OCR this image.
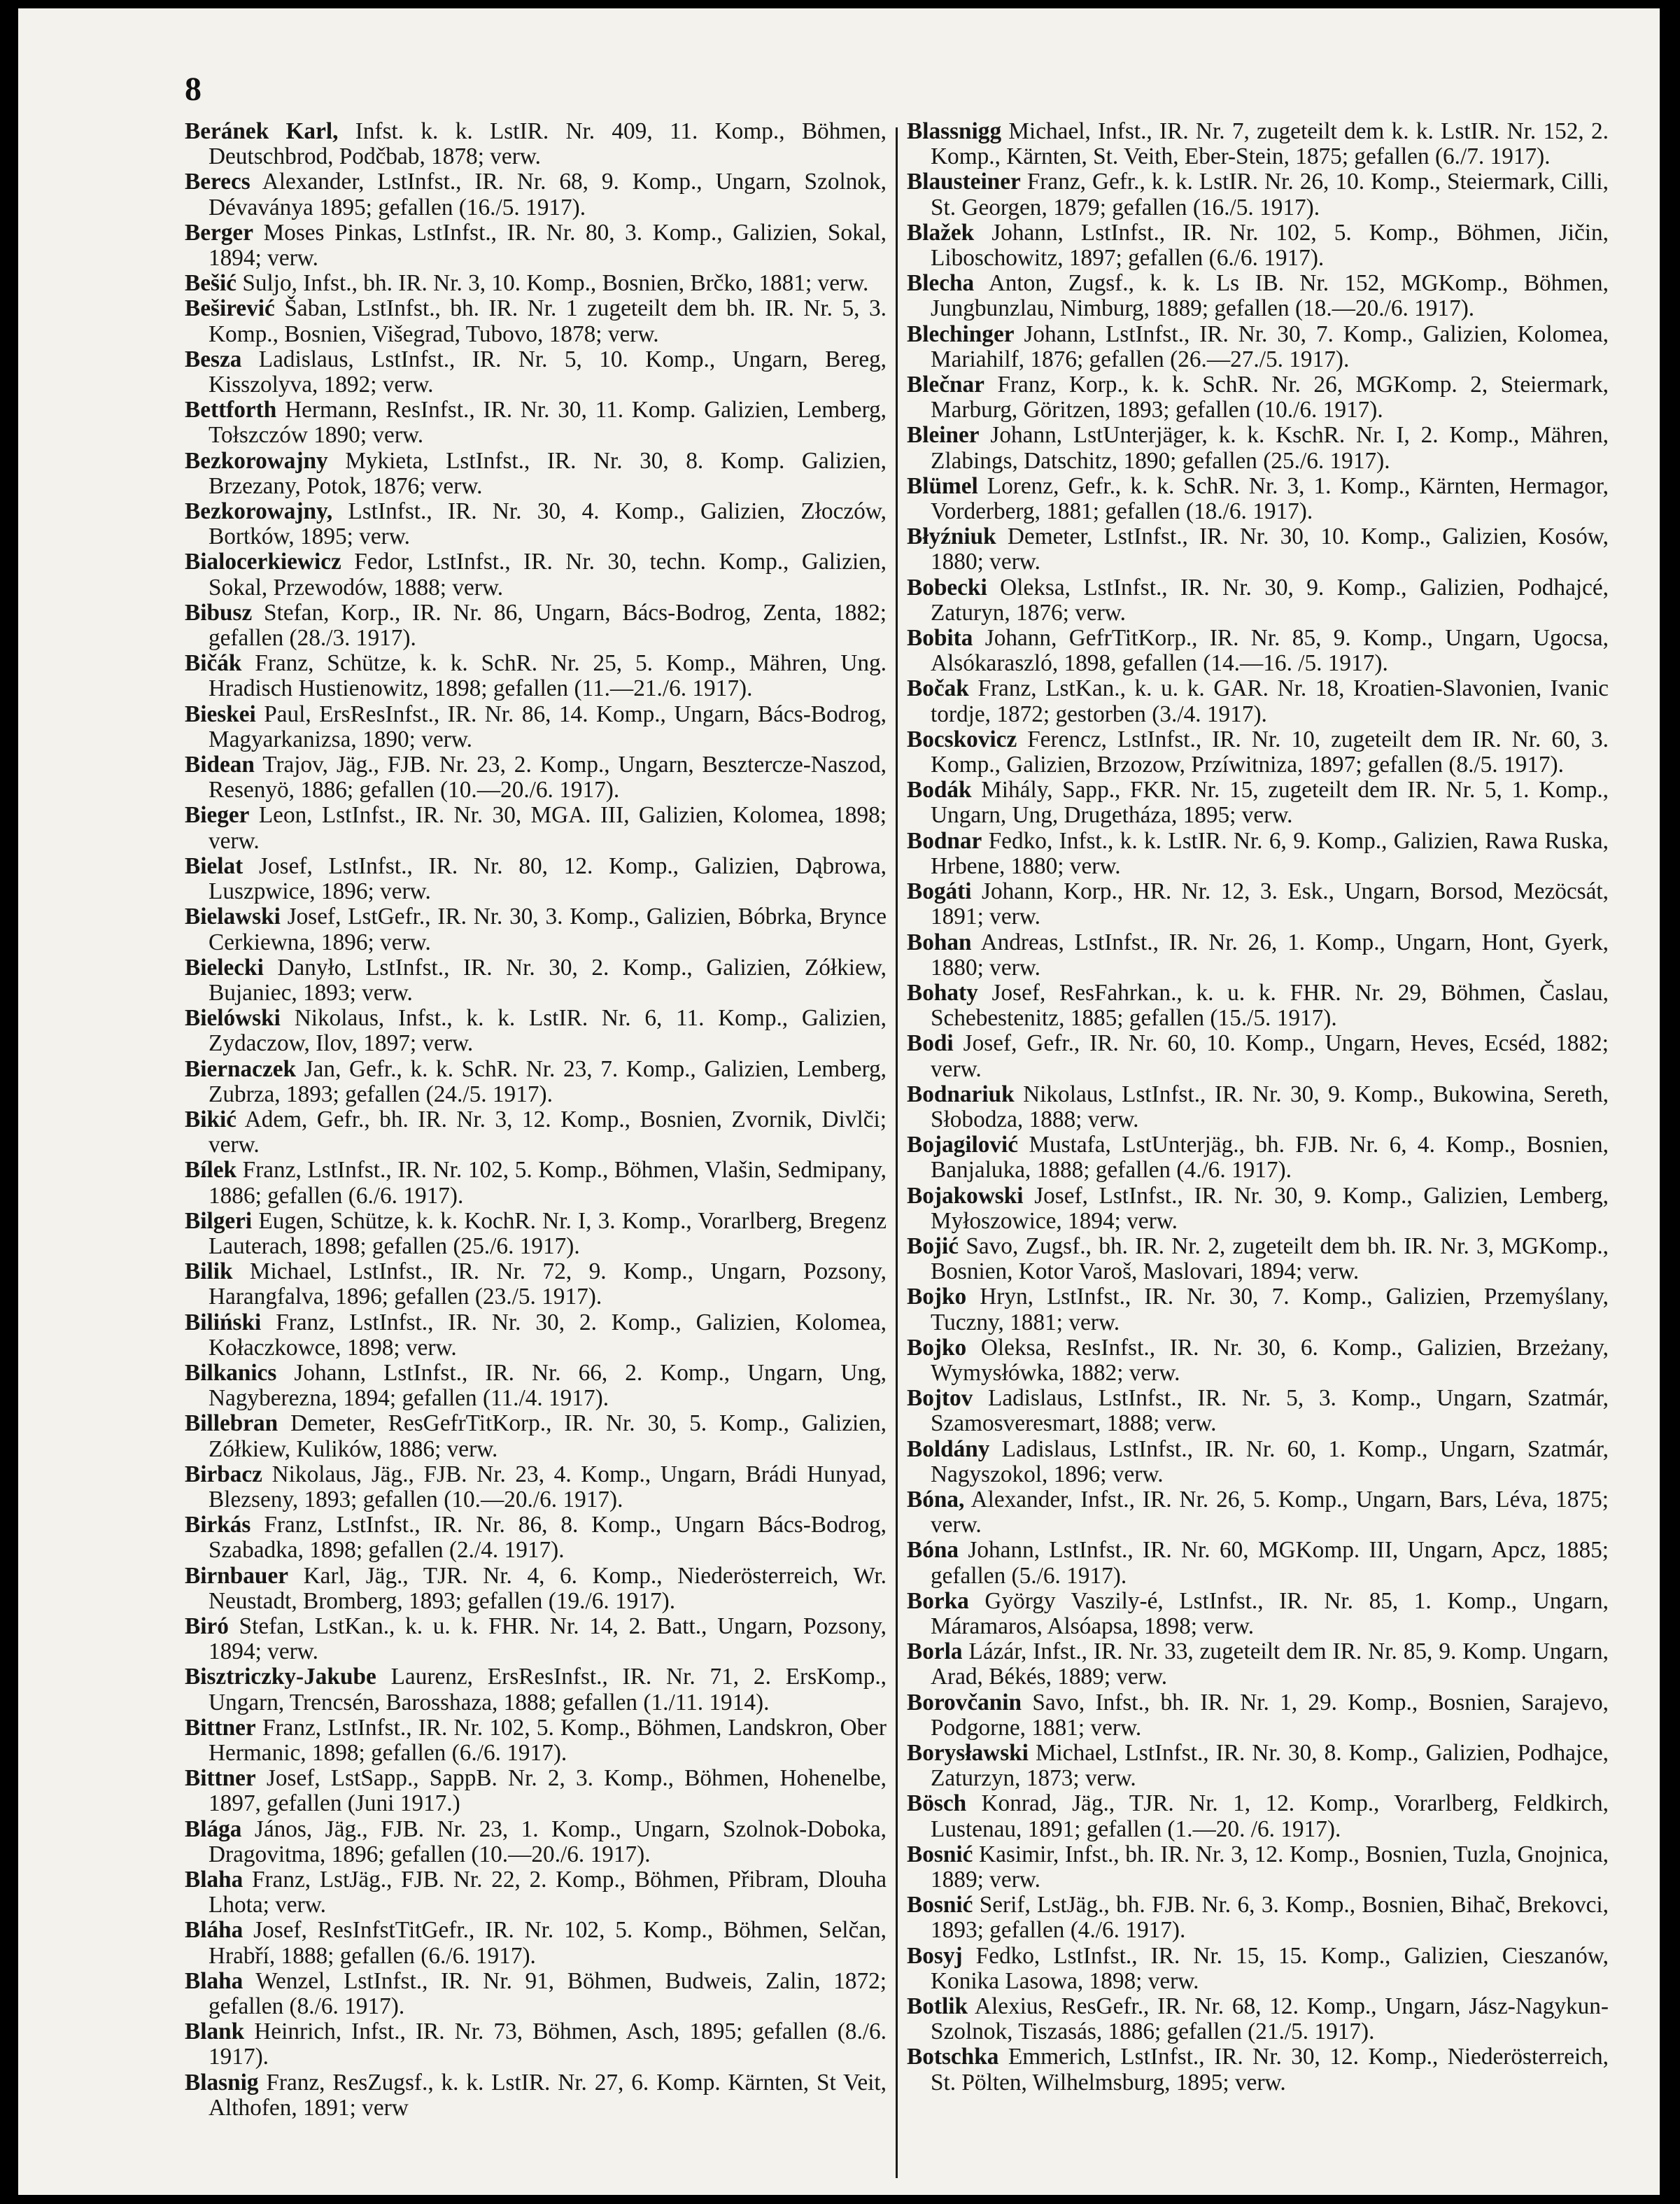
8

Beránek Karl, Infst. k. k. LstIR. Nr. 409, 11. Komp., Böhmen, Deutschbrod, Podčbab, 1878; verw.

Berecs Alexander, LstInfst., IR. Nr. 68, 9. Komp., Ungarn, Szolnok, Dévaványa 1895; gefallen (16./5. 1917).

Berger Moses Pinkas, LstInfst., IR. Nr. 80, 3. Komp., Galizien, Sokal, 1894; verw.

Bešić Suljo, Infst., bh. IR. Nr. 3, 10. Komp., Bosnien, Brčko, 1881; verw.

Beširević Šaban, LstInfst., bh. IR. Nr. 1 zugeteilt dem bh. IR. Nr. 5, 3. Komp., Bosnien, Višegrad, Tubovo, 1878; verw.

Besza Ladislaus, LstInfst., IR. Nr. 5, 10. Komp., Ungarn, Bereg, Kisszolyva, 1892; verw.

Bettforth Hermann, ResInfst., IR. Nr. 30, 11. Komp. Galizien, Lemberg, Tołszczów 1890; verw.

Bezkorowajny Mykieta, LstInfst., IR. Nr. 30, 8. Komp. Galizien, Brzezany, Potok, 1876; verw.

Bezkorowajny, LstInfst., IR. Nr. 30, 4. Komp., Galizien, Złoczów, Bortków, 1895; verw.

Bialocerkiewicz Fedor, LstInfst., IR. Nr. 30, techn. Komp., Galizien, Sokal, Przewodów, 1888; verw.

Bibusz Stefan, Korp., IR. Nr. 86, Ungarn, Bács-Bodrog, Zenta, 1882; gefallen (28./3. 1917).

Bičák Franz, Schütze, k. k. SchR. Nr. 25, 5. Komp., Mähren, Ung. Hradisch Hustienowitz, 1898; gefallen (11.—21./6. 1917).

Bieskei Paul, ErsResInfst., IR. Nr. 86, 14. Komp., Ungarn, Bács-Bodrog, Magyarkanizsa, 1890; verw.

Bidean Trajov, Jäg., FJB. Nr. 23, 2. Komp., Ungarn, Besztercze-Naszod, Resenyö, 1886; gefallen (10.—20./6. 1917).

Bieger Leon, LstInfst., IR. Nr. 30, MGA. III, Galizien, Kolomea, 1898; verw.

Bielat Josef, LstInfst., IR. Nr. 80, 12. Komp., Galizien, Dąbrowa, Luszpwice, 1896; verw.

Bielawski Josef, LstGefr., IR. Nr. 30, 3. Komp., Galizien, Bóbrka, Brynce Cerkiewna, 1896; verw.

Bielecki Danyło, LstInfst., IR. Nr. 30, 2. Komp., Galizien, Zółkiew, Bujaniec, 1893; verw.

Bielówski Nikolaus, Infst., k. k. LstIR. Nr. 6, 11. Komp., Galizien, Zydaczow, Ilov, 1897; verw.

Biernaczek Jan, Gefr., k. k. SchR. Nr. 23, 7. Komp., Galizien, Lemberg, Zubrza, 1893; gefallen (24./5. 1917).

Bikić Adem, Gefr., bh. IR. Nr. 3, 12. Komp., Bosnien, Zvornik, Divlči; verw.

Bílek Franz, LstInfst., IR. Nr. 102, 5. Komp., Böhmen, Vlašin, Sedmipany, 1886; gefallen (6./6. 1917).

Bilgeri Eugen, Schütze, k. k. KochR. Nr. I, 3. Komp., Vorarlberg, Bregenz Lauterach, 1898; gefallen (25./6. 1917).

Bilik Michael, LstInfst., IR. Nr. 72, 9. Komp., Ungarn, Pozsony, Harangfalva, 1896; gefallen (23./5. 1917).

Biliński Franz, LstInfst., IR. Nr. 30, 2. Komp., Galizien, Kolomea, Kołaczkowce, 1898; verw.

Bilkanics Johann, LstInfst., IR. Nr. 66, 2. Komp., Ungarn, Ung, Nagyberezna, 1894; gefallen (11./4. 1917).

Billebran Demeter, ResGefrTitKorp., IR. Nr. 30, 5. Komp., Galizien, Zółkiew, Kulików, 1886; verw.

Birbacz Nikolaus, Jäg., FJB. Nr. 23, 4. Komp., Ungarn, Brádi Hunyad, Blezseny, 1893; gefallen (10.—20./6. 1917).

Birkás Franz, LstInfst., IR. Nr. 86, 8. Komp., Ungarn Bács-Bodrog, Szabadka, 1898; gefallen (2./4. 1917).

Birnbauer Karl, Jäg., TJR. Nr. 4, 6. Komp., Niederösterreich, Wr. Neustadt, Bromberg, 1893; gefallen (19./6. 1917).

Biró Stefan, LstKan., k. u. k. FHR. Nr. 14, 2. Batt., Ungarn, Pozsony, 1894; verw.

Bisztriczky-Jakube Laurenz, ErsResInfst., IR. Nr. 71, 2. ErsKomp., Ungarn, Trencsén, Barosshaza, 1888; gefallen (1./11. 1914).

Bittner Franz, LstInfst., IR. Nr. 102, 5. Komp., Böhmen, Landskron, Ober Hermanic, 1898; gefallen (6./6. 1917).

Bittner Josef, LstSapp., SappB. Nr. 2, 3. Komp., Böhmen, Hohenelbe, 1897, gefallen (Juni 1917.)

Blága János, Jäg., FJB. Nr. 23, 1. Komp., Ungarn, Szolnok-Doboka, Dragovitma, 1896; gefallen (10.—20./6. 1917).

Blaha Franz, LstJäg., FJB. Nr. 22, 2. Komp., Böhmen, Přibram, Dlouha Lhota; verw.

Bláha Josef, ResInfstTitGefr., IR. Nr. 102, 5. Komp., Böhmen, Selčan, Hrabří, 1888; gefallen (6./6. 1917).

Blaha Wenzel, LstInfst., IR. Nr. 91, Böhmen, Budweis, Zalin, 1872; gefallen (8./6. 1917).

Blank Heinrich, Infst., IR. Nr. 73, Böhmen, Asch, 1895; gefallen (8./6. 1917).

Blasnig Franz, ResZugsf., k. k. LstIR. Nr. 27, 6. Komp. Kärnten, St Veit, Althofen, 1891; verw

Blassnigg Michael, Infst., IR. Nr. 7, zugeteilt dem k. k. LstIR. Nr. 152, 2. Komp., Kärnten, St. Veith, Eber-Stein, 1875; gefallen (6./7. 1917).

Blausteiner Franz, Gefr., k. k. LstIR. Nr. 26, 10. Komp., Steiermark, Cilli, St. Georgen, 1879; gefallen (16./5. 1917).

Blažek Johann, LstInfst., IR. Nr. 102, 5. Komp., Böhmen, Jičin, Liboschowitz, 1897; gefallen (6./6. 1917).

Blecha Anton, Zugsf., k. k. Ls IB. Nr. 152, MGKomp., Böhmen, Jungbunzlau, Nimburg, 1889; gefallen (18.—20./6. 1917).

Blechinger Johann, LstInfst., IR. Nr. 30, 7. Komp., Galizien, Kolomea, Mariahilf, 1876; gefallen (26.—27./5. 1917).

Blečnar Franz, Korp., k. k. SchR. Nr. 26, MGKomp. 2, Steiermark, Marburg, Göritzen, 1893; gefallen (10./6. 1917).

Bleiner Johann, LstUnterjäger, k. k. KschR. Nr. I, 2. Komp., Mähren, Zlabings, Datschitz, 1890; gefallen (25./6. 1917).

Blümel Lorenz, Gefr., k. k. SchR. Nr. 3, 1. Komp., Kärnten, Hermagor, Vorderberg, 1881; gefallen (18./6. 1917).

Błyźniuk Demeter, LstInfst., IR. Nr. 30, 10. Komp., Galizien, Kosów, 1880; verw.

Bobecki Oleksa, LstInfst., IR. Nr. 30, 9. Komp., Galizien, Podhajcé, Zaturyn, 1876; verw.

Bobita Johann, GefrTitKorp., IR. Nr. 85, 9. Komp., Ungarn, Ugocsa, Alsókaraszló, 1898, gefallen (14.—16. /5. 1917).

Bočak Franz, LstKan., k. u. k. GAR. Nr. 18, Kroatien-Slavonien, Ivanic tordje, 1872; gestorben (3./4. 1917).

Bocskovicz Ferencz, LstInfst., IR. Nr. 10, zugeteilt dem IR. Nr. 60, 3. Komp., Galizien, Brzozow, Przíwitniza, 1897; gefallen (8./5. 1917).

Bodák Mihály, Sapp., FKR. Nr. 15, zugeteilt dem IR. Nr. 5, 1. Komp., Ungarn, Ung, Drugetháza, 1895; verw.

Bodnar Fedko, Infst., k. k. LstIR. Nr. 6, 9. Komp., Galizien, Rawa Ruska, Hrbene, 1880; verw.

Bogáti Johann, Korp., HR. Nr. 12, 3. Esk., Ungarn, Borsod, Mezöcsát, 1891; verw.

Bohan Andreas, LstInfst., IR. Nr. 26, 1. Komp., Ungarn, Hont, Gyerk, 1880; verw.

Bohaty Josef, ResFahrkan., k. u. k. FHR. Nr. 29, Böhmen, Časlau, Schebestenitz, 1885; gefallen (15./5. 1917).

Bodi Josef, Gefr., IR. Nr. 60, 10. Komp., Ungarn, Heves, Ecséd, 1882; verw.

Bodnariuk Nikolaus, LstInfst., IR. Nr. 30, 9. Komp., Bukowina, Sereth, Słobodza, 1888; verw.

Bojagilović Mustafa, LstUnterjäg., bh. FJB. Nr. 6, 4. Komp., Bosnien, Banjaluka, 1888; gefallen (4./6. 1917).

Bojakowski Josef, LstInfst., IR. Nr. 30, 9. Komp., Galizien, Lemberg, Myłoszowice, 1894; verw.

Bojić Savo, Zugsf., bh. IR. Nr. 2, zugeteilt dem bh. IR. Nr. 3, MGKomp., Bosnien, Kotor Varoš, Maslovari, 1894; verw.

Bojko Hryn, LstInfst., IR. Nr. 30, 7. Komp., Galizien, Przemyślany, Tuczny, 1881; verw.

Bojko Oleksa, ResInfst., IR. Nr. 30, 6. Komp., Galizien, Brzeżany, Wymysłówka, 1882; verw.

Bojtov Ladislaus, LstInfst., IR. Nr. 5, 3. Komp., Ungarn, Szatmár, Szamosveresmart, 1888; verw.

Boldány Ladislaus, LstInfst., IR. Nr. 60, 1. Komp., Ungarn, Szatmár, Nagyszokol, 1896; verw.

Bóna, Alexander, Infst., IR. Nr. 26, 5. Komp., Ungarn, Bars, Léva, 1875; verw.

Bóna Johann, LstInfst., IR. Nr. 60, MGKomp. III, Ungarn, Apcz, 1885; gefallen (5./6. 1917).

Borka György Vaszily-é, LstInfst., IR. Nr. 85, 1. Komp., Ungarn, Máramaros, Alsóapsa, 1898; verw.

Borla Lázár, Infst., IR. Nr. 33, zugeteilt dem IR. Nr. 85, 9. Komp. Ungarn, Arad, Békés, 1889; verw.

Borovčanin Savo, Infst., bh. IR. Nr. 1, 29. Komp., Bosnien, Sarajevo, Podgorne, 1881; verw.

Borysławski Michael, LstInfst., IR. Nr. 30, 8. Komp., Galizien, Podhajce, Zaturzyn, 1873; verw.

Bösch Konrad, Jäg., TJR. Nr. 1, 12. Komp., Vorarlberg, Feldkirch, Lustenau, 1891; gefallen (1.—20. /6. 1917).

Bosnić Kasimir, Infst., bh. IR. Nr. 3, 12. Komp., Bosnien, Tuzla, Gnojnica, 1889; verw.

Bosnić Serif, LstJäg., bh. FJB. Nr. 6, 3. Komp., Bosnien, Bihač, Brekovci, 1893; gefallen (4./6. 1917).

Bosyj Fedko, LstInfst., IR. Nr. 15, 15. Komp., Galizien, Cieszanów, Konika Lasowa, 1898; verw.

Botlik Alexius, ResGefr., IR. Nr. 68, 12. Komp., Ungarn, Jász-Nagykun-Szolnok, Tiszasás, 1886; gefallen (21./5. 1917).

Botschka Emmerich, LstInfst., IR. Nr. 30, 12. Komp., Niederösterreich, St. Pölten, Wilhelmsburg, 1895; verw.
